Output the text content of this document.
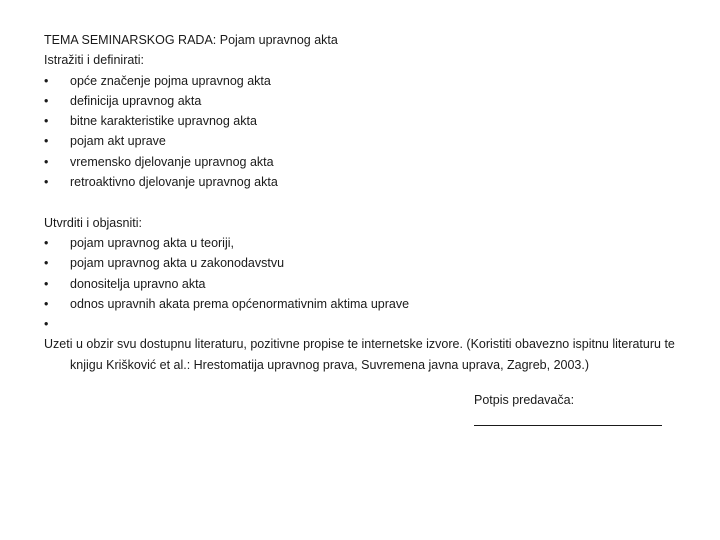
TEMA SEMINARSKOG RADA: Pojam upravnog akta
Istražiti i definirati:
•	opće značenje pojma upravnog akta
•	definicija upravnog akta
•	bitne karakteristike upravnog akta
•	pojam akt uprave
•	vremensko djelovanje upravnog akta
•	retroaktivno djelovanje upravnog akta
Utvrditi i objasniti:
•	pojam upravnog akta u teoriji,
•	pojam upravnog akta u zakonodavstvu
•	donositelja upravno akta
•	odnos upravnih akata prema općenormativnim aktima uprave
•
Uzeti u obzir svu dostupnu literaturu, pozitivne propise te internetske izvore. (Koristiti obavezno ispitnu literaturu te knjigu Krišković et al.: Hrestomatija upravnog prava, Suvremena javna uprava, Zagreb, 2003.)
Potpis predavača:
